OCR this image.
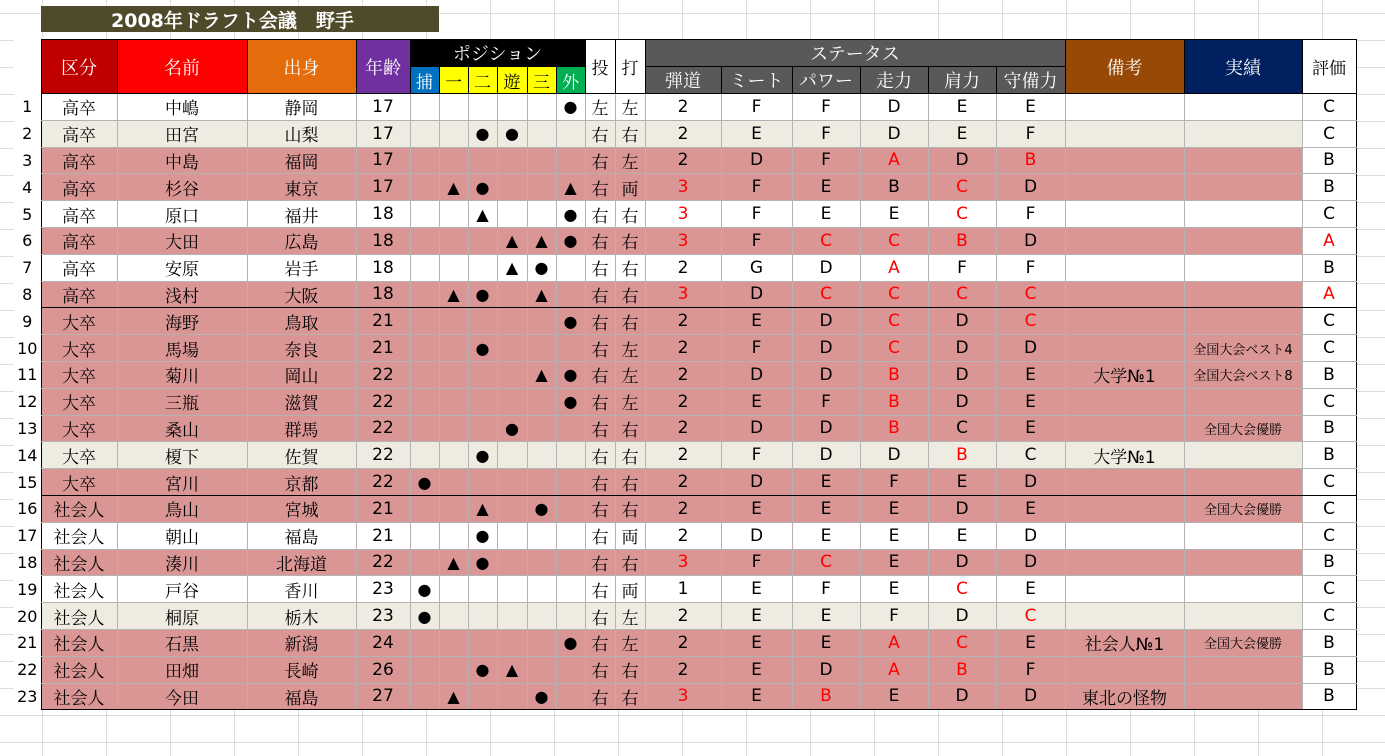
2008年ドラフト会議　野手
	区分	名前	出身	年齢	ポジション						投	打	ステータス						備考	実績	評価
					捕	一	二	遊	三	外			弾道	ミート	パワー	走力	肩力	守備力			
1	高卒	中嶋	静岡	17						●	左	左	2	F	F	D	E	E			C
2	高卒	田宮	山梨	17			●	●			右	右	2	E	F	D	E	F			C
3	高卒	中島	福岡	17							右	左	2	D	F	A	D	B			B
4	高卒	杉谷	東京	17		▲	●			▲	右	両	3	F	E	B	C	D			B
5	高卒	原口	福井	18			▲			●	右	右	3	F	E	E	C	F			C
6	高卒	大田	広島	18				▲	▲	●	右	右	3	F	C	C	B	D			A
7	高卒	安原	岩手	18				▲	●		右	右	2	G	D	A	F	F			B
8	高卒	浅村	大阪	18		▲	●		▲		右	右	3	D	C	C	C	C			A
9	大卒	海野	鳥取	21						●	右	右	2	E	D	C	D	C			C
10	大卒	馬場	奈良	21			●				右	左	2	F	D	C	D	D		全国大会ベスト4	C
11	大卒	菊川	岡山	22					▲	●	右	左	2	D	D	B	D	E	大学№1	全国大会ベスト8	B
12	大卒	三瓶	滋賀	22						●	右	左	2	E	F	B	D	E			C
13	大卒	桑山	群馬	22				●			右	右	2	D	D	B	C	E		全国大会優勝	B
14	大卒	榎下	佐賀	22			●				右	右	2	F	D	D	B	C	大学№1		B
15	大卒	宮川	京都	22	●						右	右	2	D	E	F	E	D			C
16	社会人	鳥山	宮城	21			▲		●		右	右	2	E	E	E	D	E		全国大会優勝	C
17	社会人	朝山	福島	21			●				右	両	2	D	E	E	E	D			C
18	社会人	湊川	北海道	22		▲	●				右	右	3	F	C	E	D	D			B
19	社会人	戸谷	香川	23	●						右	両	1	E	F	E	C	E			C
20	社会人	桐原	栃木	23	●						右	左	2	E	E	F	D	C			C
21	社会人	石黒	新潟	24						●	右	左	2	E	E	A	C	E	社会人№1	全国大会優勝	B
22	社会人	田畑	長崎	26			●	▲			右	右	2	E	D	A	B	F			B
23	社会人	今田	福島	27		▲			●		右	右	3	E	B	E	D	D	東北の怪物		B
